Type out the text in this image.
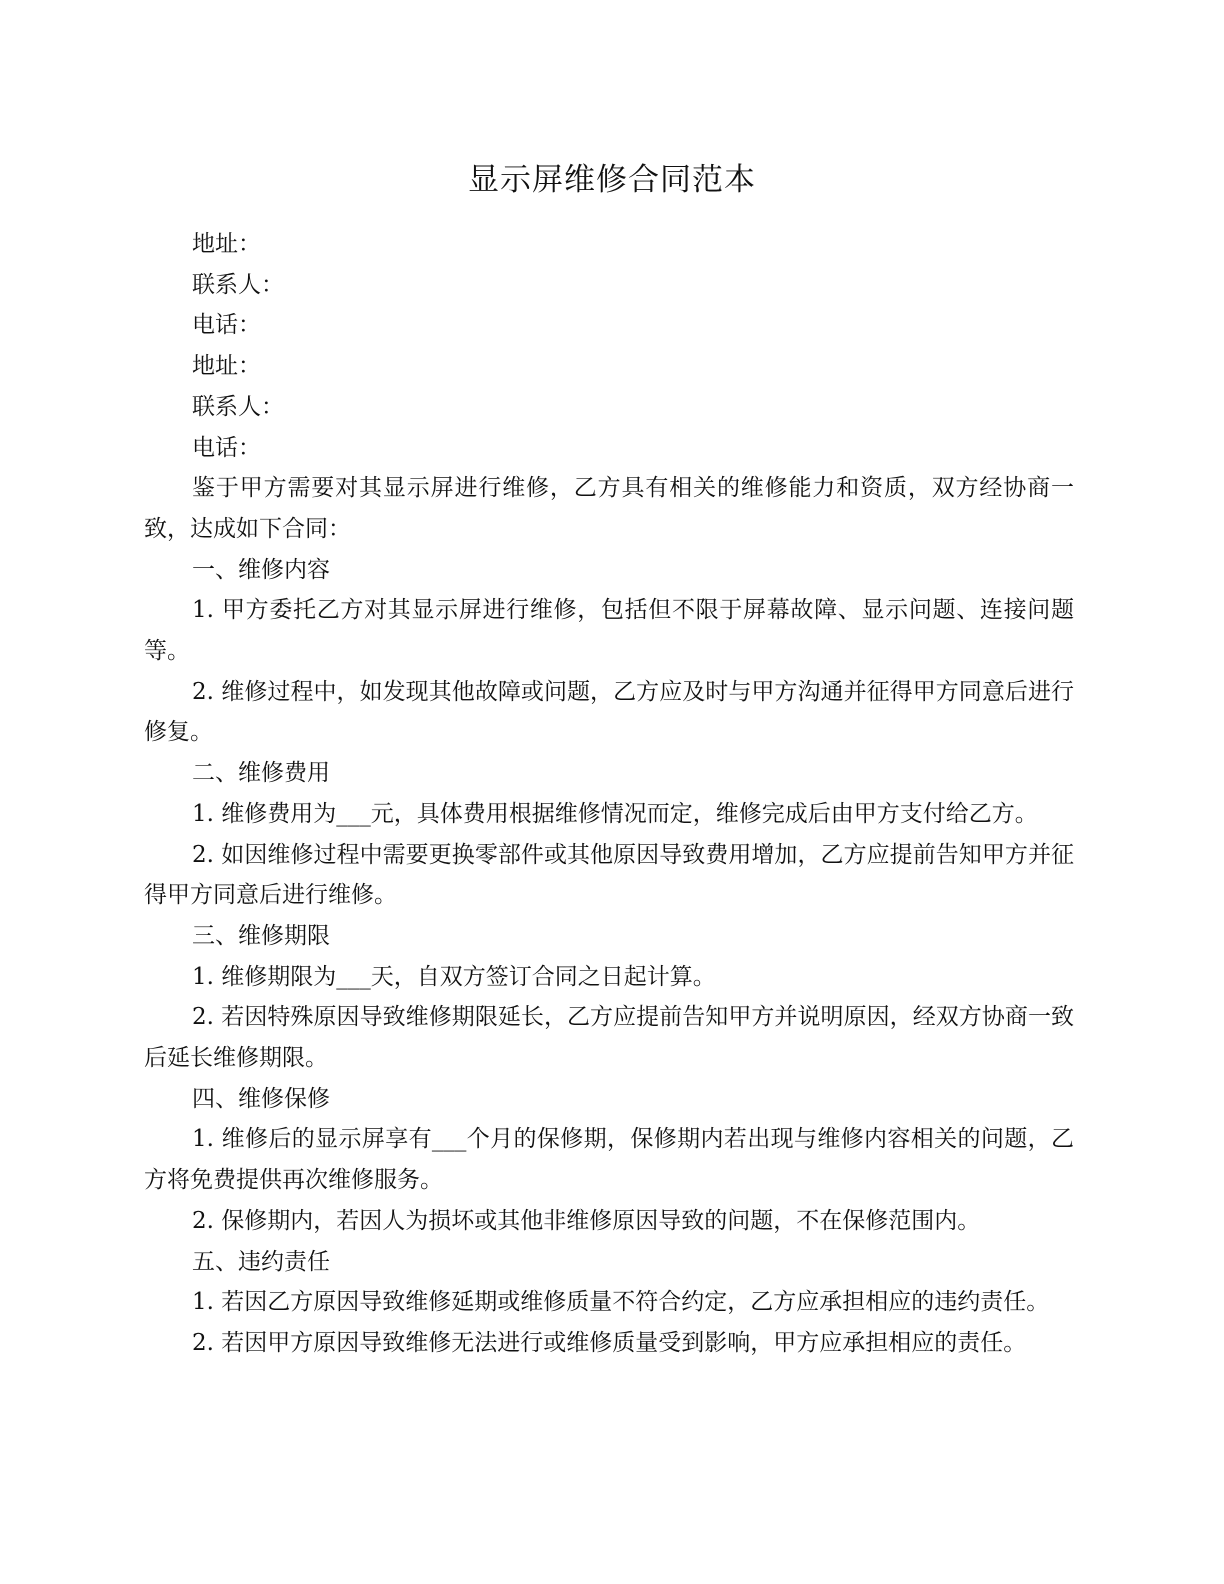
显示屏维修合同范本

地址：

联系人：

电话：

地址：

联系人：

电话：

鉴于甲方需要对其显示屏进行维修，乙方具有相关的维修能力和资质，双方经协商一致，达成如下合同：

一、维修内容

1. 甲方委托乙方对其显示屏进行维修，包括但不限于屏幕故障、显示问题、连接问题等。

2. 维修过程中，如发现其他故障或问题，乙方应及时与甲方沟通并征得甲方同意后进行修复。

二、维修费用

1. 维修费用为___元，具体费用根据维修情况而定，维修完成后由甲方支付给乙方。

2. 如因维修过程中需要更换零部件或其他原因导致费用增加，乙方应提前告知甲方并征得甲方同意后进行维修。

三、维修期限

1. 维修期限为___天，自双方签订合同之日起计算。

2. 若因特殊原因导致维修期限延长，乙方应提前告知甲方并说明原因，经双方协商一致后延长维修期限。

四、维修保修

1. 维修后的显示屏享有___个月的保修期，保修期内若出现与维修内容相关的问题，乙方将免费提供再次维修服务。

2. 保修期内，若因人为损坏或其他非维修原因导致的问题，不在保修范围内。

五、违约责任

1. 若因乙方原因导致维修延期或维修质量不符合约定，乙方应承担相应的违约责任。

2. 若因甲方原因导致维修无法进行或维修质量受到影响，甲方应承担相应的责任。
